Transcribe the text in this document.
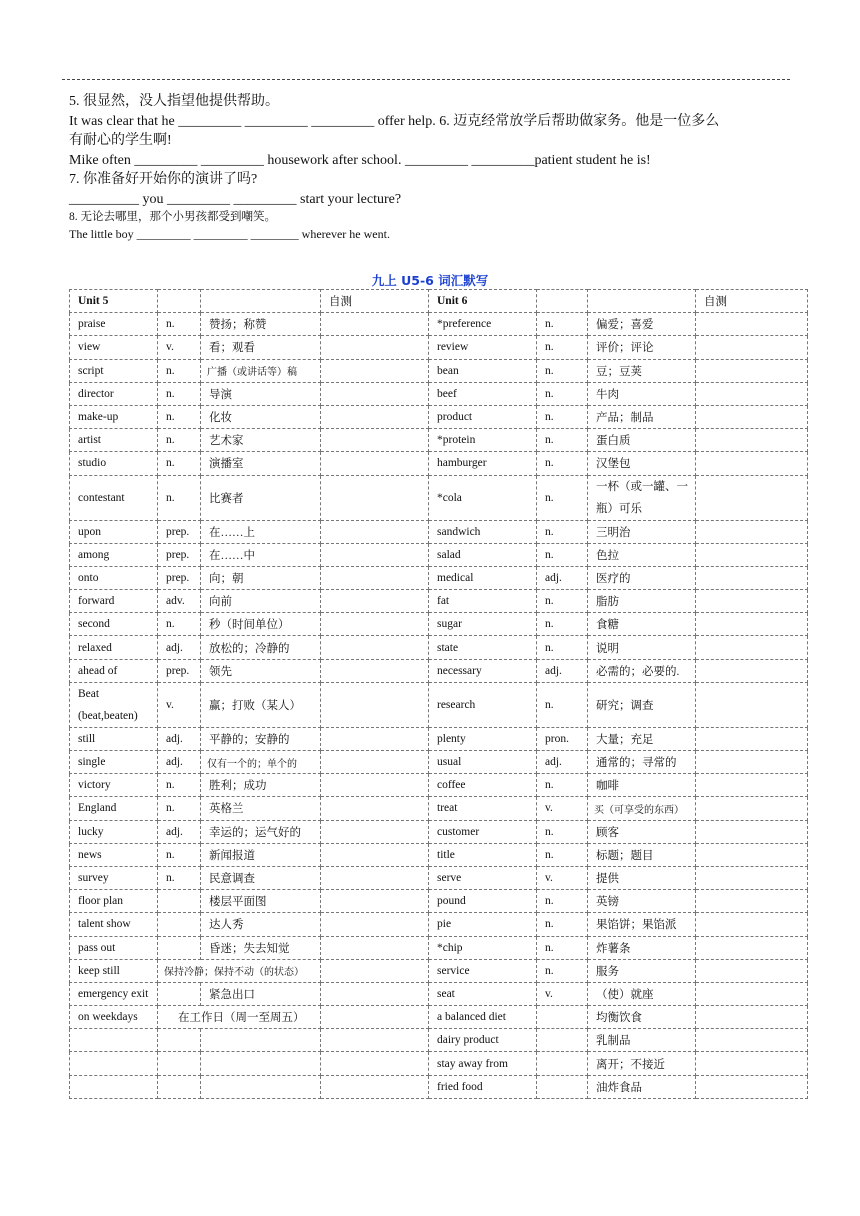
5. 很显然，没人指望他提供帮助。

It was clear that he _________ _________ _________ offer help. 6. 迈克经常放学后帮助做家务。他是一位多么

有耐心的学生啊!

Mike often _________ _________ housework after school. _________ _________patient student he is!

7. 你准备好开始你的演讲了吗?

__________ you _________ _________ start your lecture?

8. 无论去哪里，那个小男孩都受到嘲笑。

The little boy _________ _________ ________ wherever he went.

九上 U5-6 词汇默写
Unit 5			自测	Unit 6			自测
praise	n.	赞扬；称赞		*preference	n.	偏爱；喜爱	
view	v.	看；观看		review	n.	评价；评论	
script	n.	广播（或讲话等）稿		bean	n.	豆；豆荚	
director	n.	导演		beef	n.	牛肉	
make-up	n.	化妆		product	n.	产品；制品	
artist	n.	艺术家		*protein	n.	蛋白质	
studio	n.	演播室		hamburger	n.	汉堡包	
contestant	n.	比赛者		*cola	n.	一杯（或一罐、一瓶）可乐	
upon	prep.	在……上		sandwich	n.	三明治	
among	prep.	在……中		salad	n.	色拉	
onto	prep.	向；朝		medical	adj.	医疗的	
forward	adv.	向前		fat	n.	脂肪	
second	n.	秒（时间单位）		sugar	n.	食糖	
relaxed	adj.	放松的；冷静的		state	n.	说明	
ahead of	prep.	领先		necessary	adj.	必需的；必要的.	
Beat (beat,beaten)	v.	赢；打败（某人）		research	n.	研究；调查	
still	adj.	平静的；安静的		plenty	pron.	大量；充足	
single	adj.	仅有一个的；单个的		usual	adj.	通常的；寻常的	
victory	n.	胜利；成功		coffee	n.	咖啡	
England	n.	英格兰		treat	v.	买（可享受的东西）	
lucky	adj.	幸运的；运气好的		customer	n.	顾客	
news	n.	新闻报道		title	n.	标题；题目	
survey	n.	民意调查		serve	v.	提供	
floor plan		楼层平面图		pound	n.	英镑	
talent show		达人秀		pie	n.	果馅饼；果馅派	
pass out		昏迷；失去知觉		*chip	n.	炸薯条	
keep still	保持冷静；保持不动（的状态）			service	n.	服务	
emergency exit		紧急出口		seat	v.	（使）就座	
on weekdays	在工作日（周一至周五）			a balanced diet		均衡饮食	
				dairy product		乳制品	
				stay away from		离开；不接近	
				fried food		油炸食品	
